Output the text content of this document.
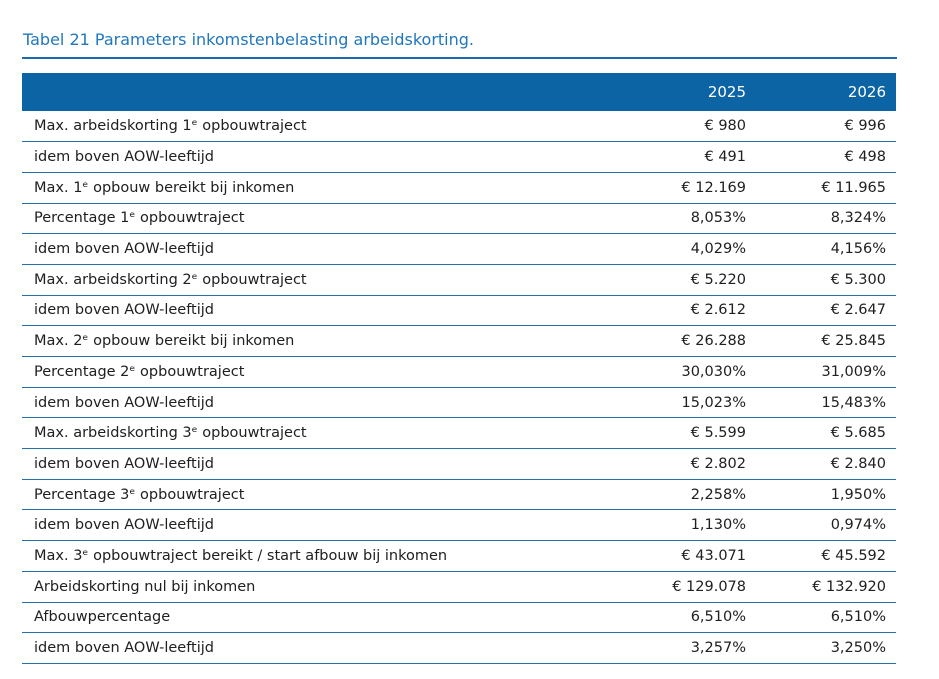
Tabel 21 Parameters inkomstenbelasting arbeidskorting.
	2025	2026
Max. arbeidskorting 1ᵉ opbouwtraject	€ 980	€ 996
idem boven AOW-leeftijd	€ 491	€ 498
Max. 1ᵉ opbouw bereikt bij inkomen	€ 12.169	€ 11.965
Percentage 1ᵉ opbouwtraject	8,053%	8,324%
idem boven AOW-leeftijd	4,029%	4,156%
Max. arbeidskorting 2ᵉ opbouwtraject	€ 5.220	€ 5.300
idem boven AOW-leeftijd	€ 2.612	€ 2.647
Max. 2ᵉ opbouw bereikt bij inkomen	€ 26.288	€ 25.845
Percentage 2ᵉ opbouwtraject	30,030%	31,009%
idem boven AOW-leeftijd	15,023%	15,483%
Max. arbeidskorting 3ᵉ opbouwtraject	€ 5.599	€ 5.685
idem boven AOW-leeftijd	€ 2.802	€ 2.840
Percentage 3ᵉ opbouwtraject	2,258%	1,950%
idem boven AOW-leeftijd	1,130%	0,974%
Max. 3ᵉ opbouwtraject bereikt / start afbouw bij inkomen	€ 43.071	€ 45.592
Arbeidskorting nul bij inkomen	€ 129.078	€ 132.920
Afbouwpercentage	6,510%	6,510%
idem boven AOW-leeftijd	3,257%	3,250%
